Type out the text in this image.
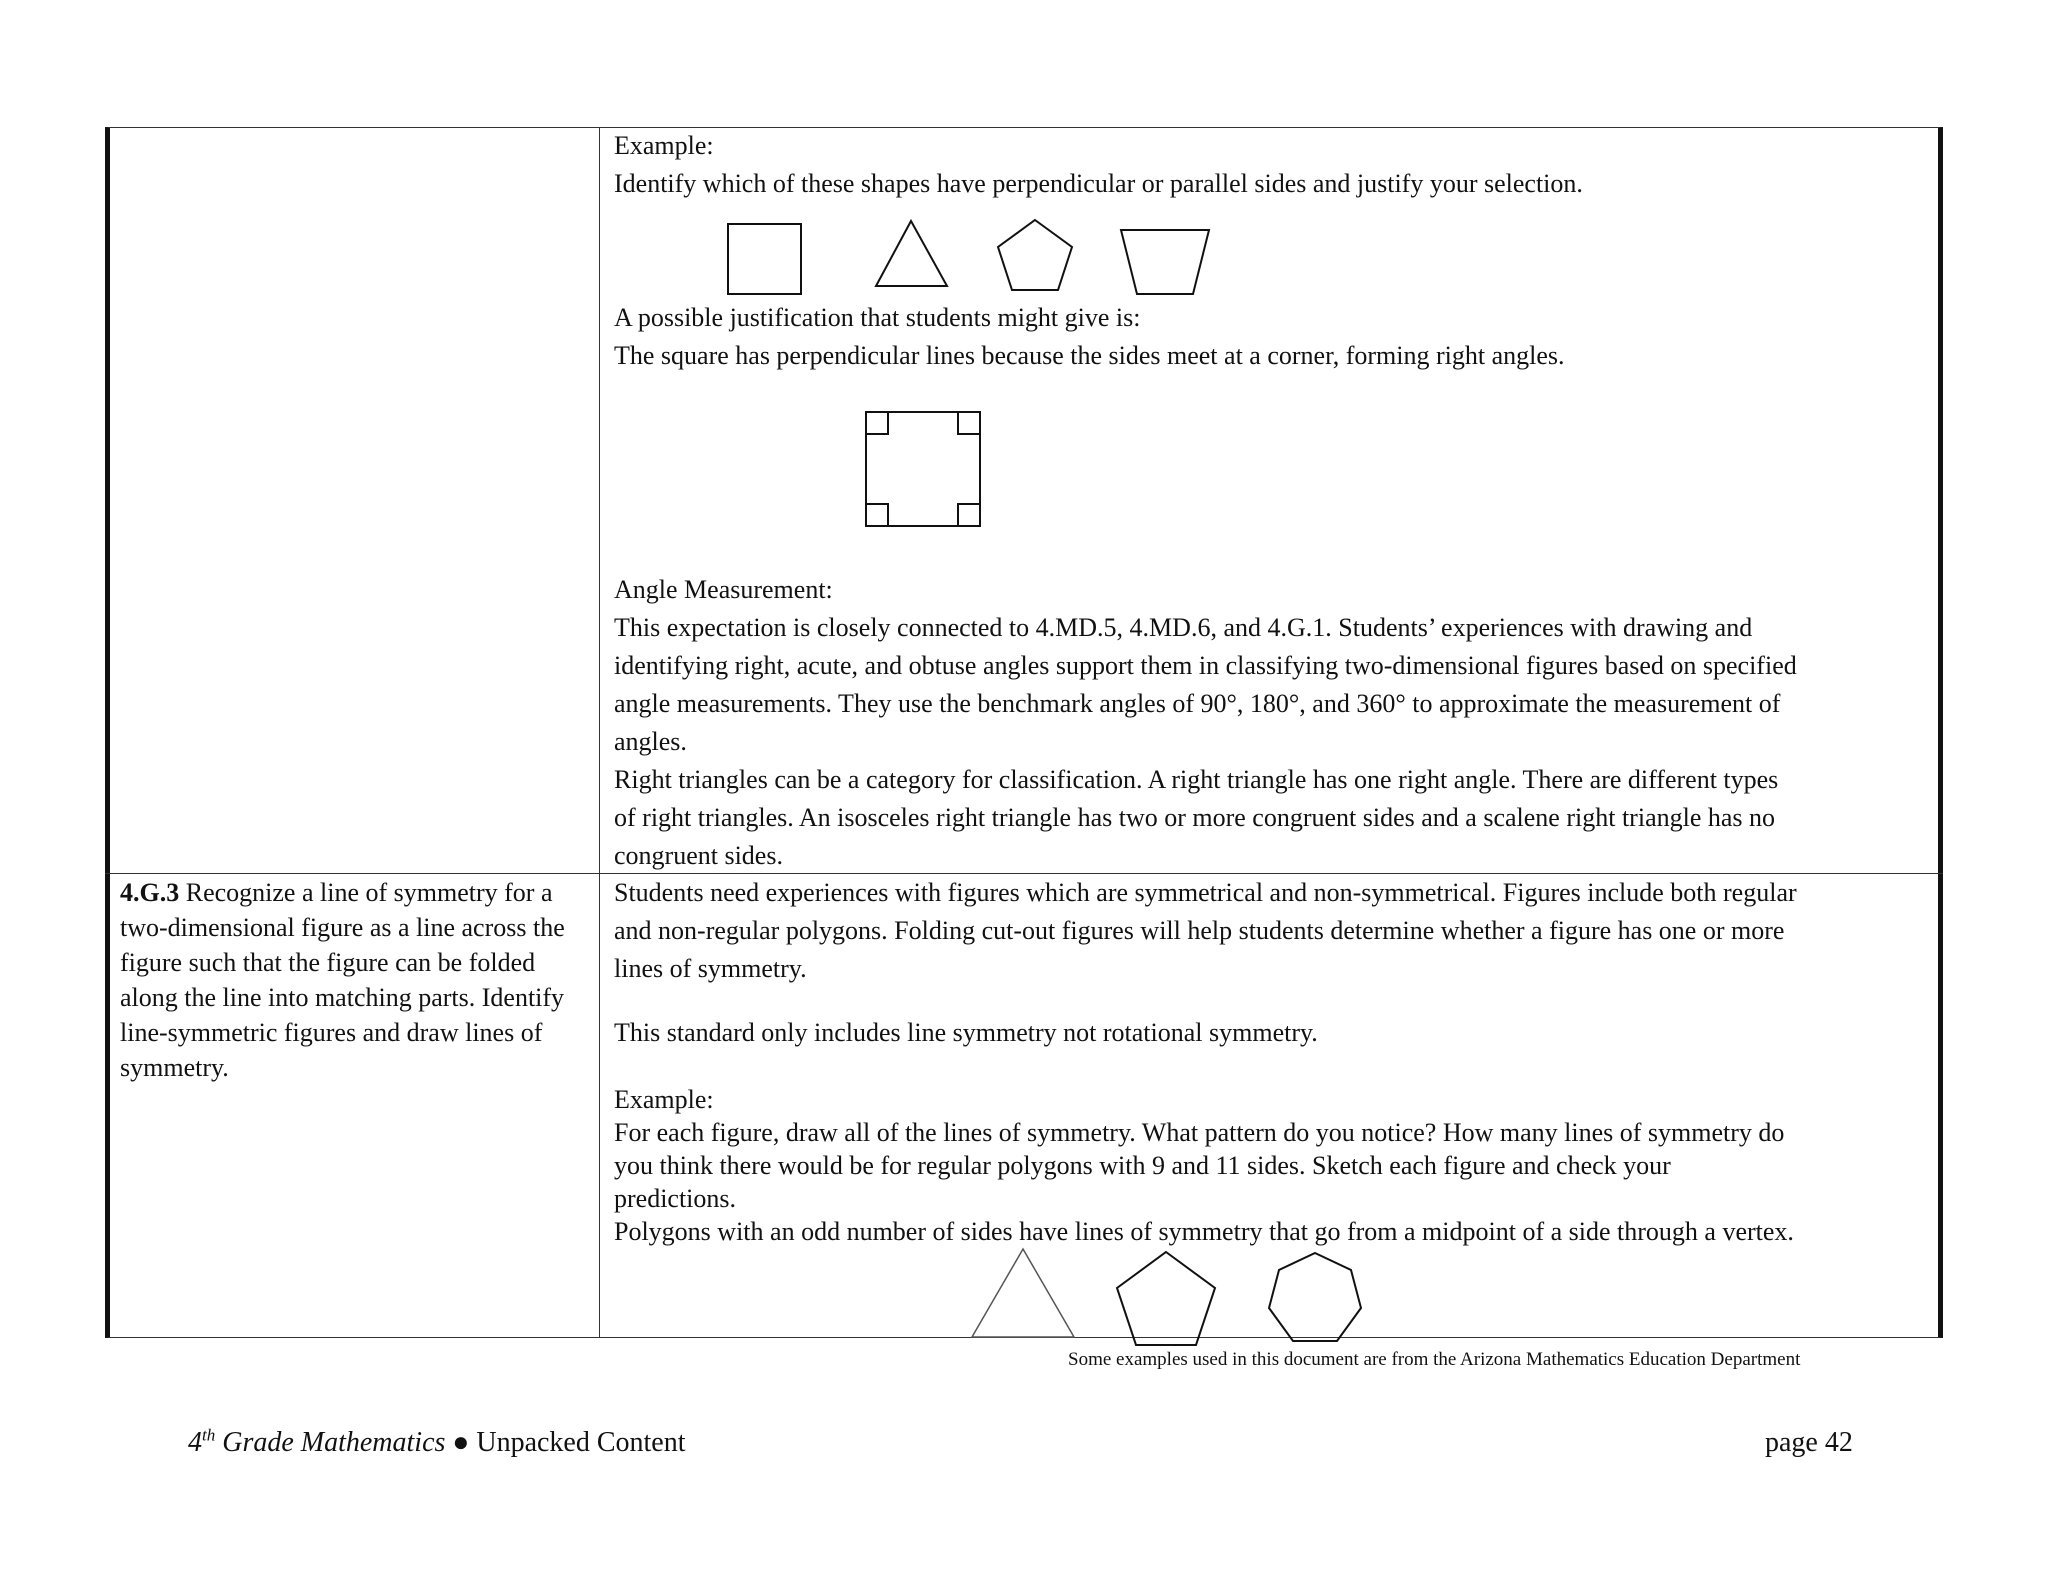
Example:
Identify which of these shapes have perpendicular or parallel sides and justify your selection.
A possible justification that students might give is:
The square has perpendicular lines because the sides meet at a corner, forming right angles.
Angle Measurement:
This expectation is closely connected to 4.MD.5, 4.MD.6, and 4.G.1. Students’ experiences with drawing and
identifying right, acute, and obtuse angles support them in classifying two-dimensional figures based on specified
angle measurements. They use the benchmark angles of 90°, 180°, and 360° to approximate the measurement of
angles.
Right triangles can be a category for classification. A right triangle has one right angle. There are different types
of right triangles. An isosceles right triangle has two or more congruent sides and a scalene right triangle has no
congruent sides.
4.G.3 Recognize a line of symmetry for a two-dimensional figure as a line across the figure such that the figure can be folded along the line into matching parts. Identify line-symmetric figures and draw lines of symmetry.
Students need experiences with figures which are symmetrical and non-symmetrical. Figures include both regular
and non-regular polygons. Folding cut-out figures will help students determine whether a figure has one or more
lines of symmetry.
This standard only includes line symmetry not rotational symmetry.
Example:
For each figure, draw all of the lines of symmetry. What pattern do you notice? How many lines of symmetry do
you think there would be for regular polygons with 9 and 11 sides. Sketch each figure and check your
predictions.
Polygons with an odd number of sides have lines of symmetry that go from a midpoint of a side through a vertex.
Some examples used in this document are from the Arizona Mathematics Education Department
4th Grade Mathematics ● Unpacked Content	page 42
